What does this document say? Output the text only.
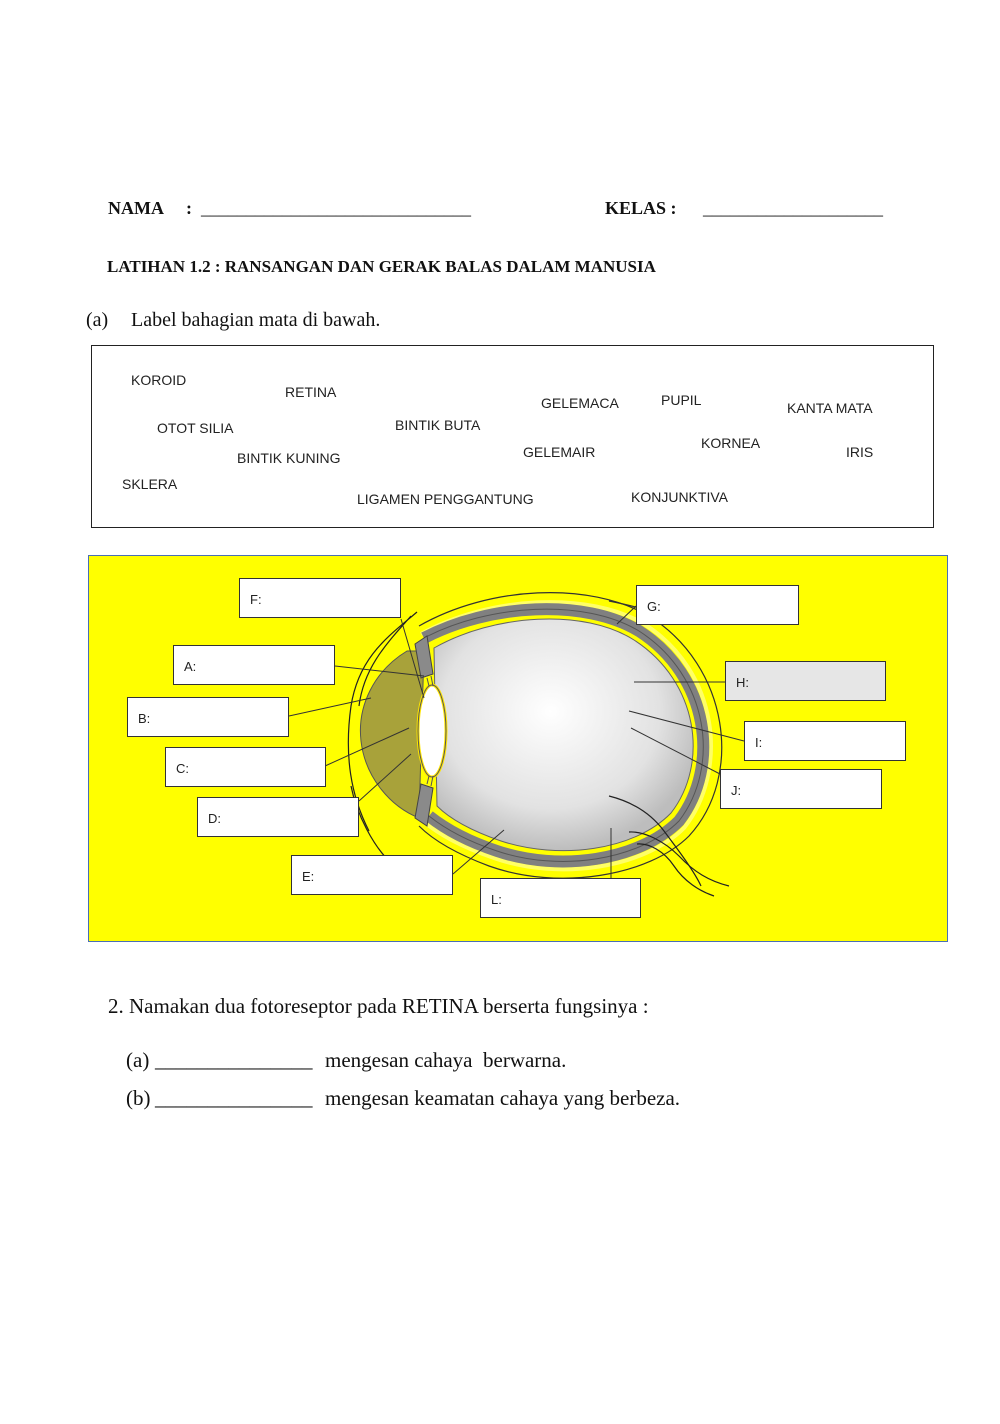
NAMA : ______________________________	KELAS : ____________________
LATIHAN 1.2 : RANSANGAN DAN GERAK BALAS DALAM MANUSIA
(a) Label bahagian mata di bawah.
KOROID
RETINA
GELEMACA	PUPIL	KANTA MATA
OTOT SILIA	BINTIK BUTA
KORNEA
IRIS
BINTIK KUNING	GELEMAIR
SKLERA
LIGAMEN PENGGANTUNG	KONJUNKTIVA
F:	G:
A:
H:
B:
I:
C:
J:
D:
E:
L:
2. Namakan dua fotoreseptor pada RETINA berserta fungsinya :
(a) _______________ mengesan cahaya  berwarna.
(b) _______________ mengesan keamatan cahaya yang berbeza.
